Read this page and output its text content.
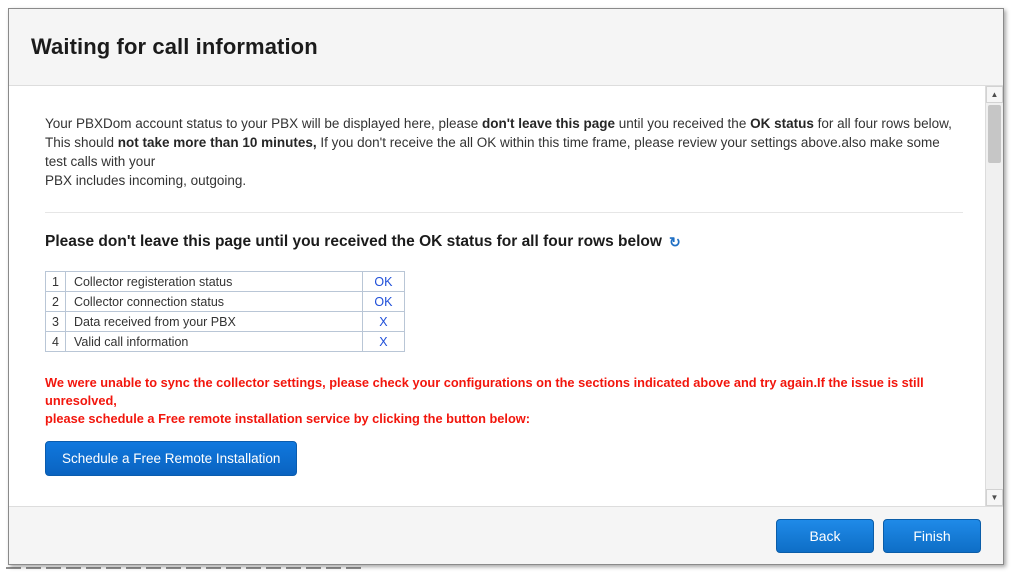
Waiting for call information
Your PBXDom account status to your PBX will be displayed here, please don't leave this page until you received the OK status for all four rows below,
This should not take more than 10 minutes, If you don't receive the all OK within this time frame, please review your settings above.also make some test calls with your
PBX includes incoming, outgoing.
Please don't leave this page until you received the OK status for all four rows below ↻
1	Collector registeration status	OK
2	Collector connection status	OK
3	Data received from your PBX	X
4	Valid call information	X
We were unable to sync the collector settings, please check your configurations on the sections indicated above and try again.If the issue is still unresolved,
please schedule a Free remote installation service by clicking the button below:
Schedule a Free Remote Installation
▲
▼
Back	Finish
——————————————————
